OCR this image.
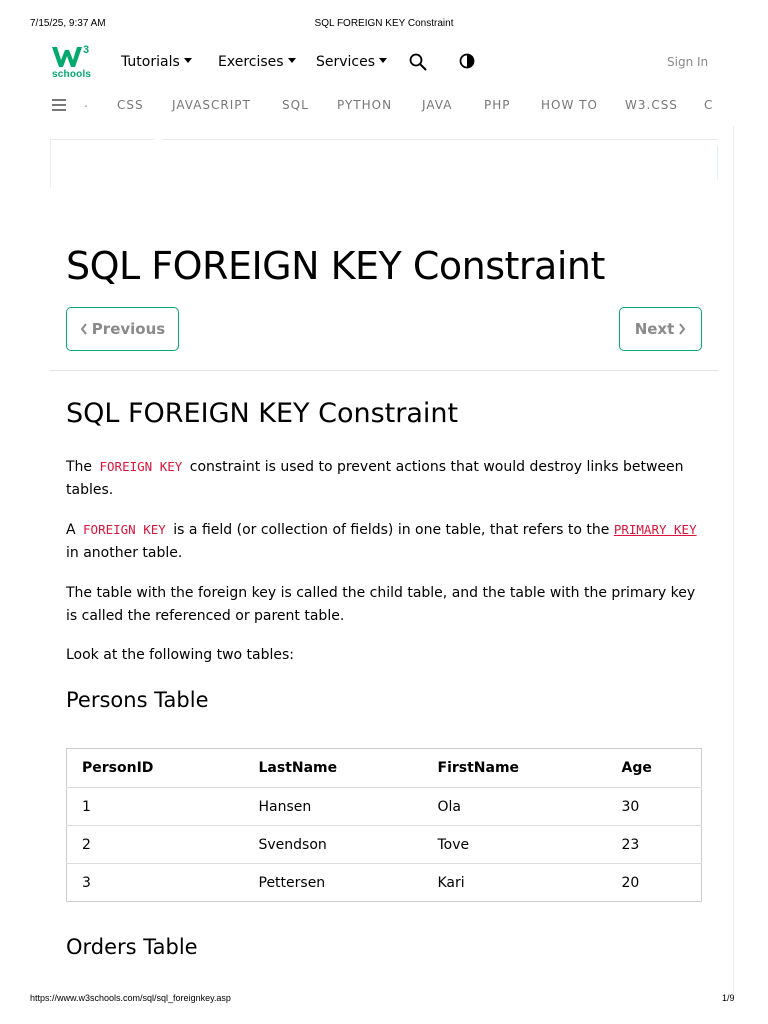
7/15/25, 9:37 AM	SQL FOREIGN KEY Constraint
3
schools
Tutorials	Exercises	Services	Sign In
. CSS JAVASCRIPT	SQL PYTHON JAVA	PHP	HOW TO W3.CSS C
SQL FOREIGN KEY Constraint
Previous	Next
SQL FOREIGN KEY Constraint

The FOREIGN KEY constraint is used to prevent actions that would destroy links between tables.

A FOREIGN KEY is a field (or collection of fields) in one table, that refers to the PRIMARY KEY in another table.

The table with the foreign key is called the child table, and the table with the primary key is called the referenced or parent table.

Look at the following two tables:

Persons Table
PersonID	LastName	FirstName	Age
1	Hansen	Ola	30
2	Svendson	Tove	23
3	Pettersen	Kari	20
Orders Table
https://www.w3schools.com/sql/sql_foreignkey.asp	1/9
